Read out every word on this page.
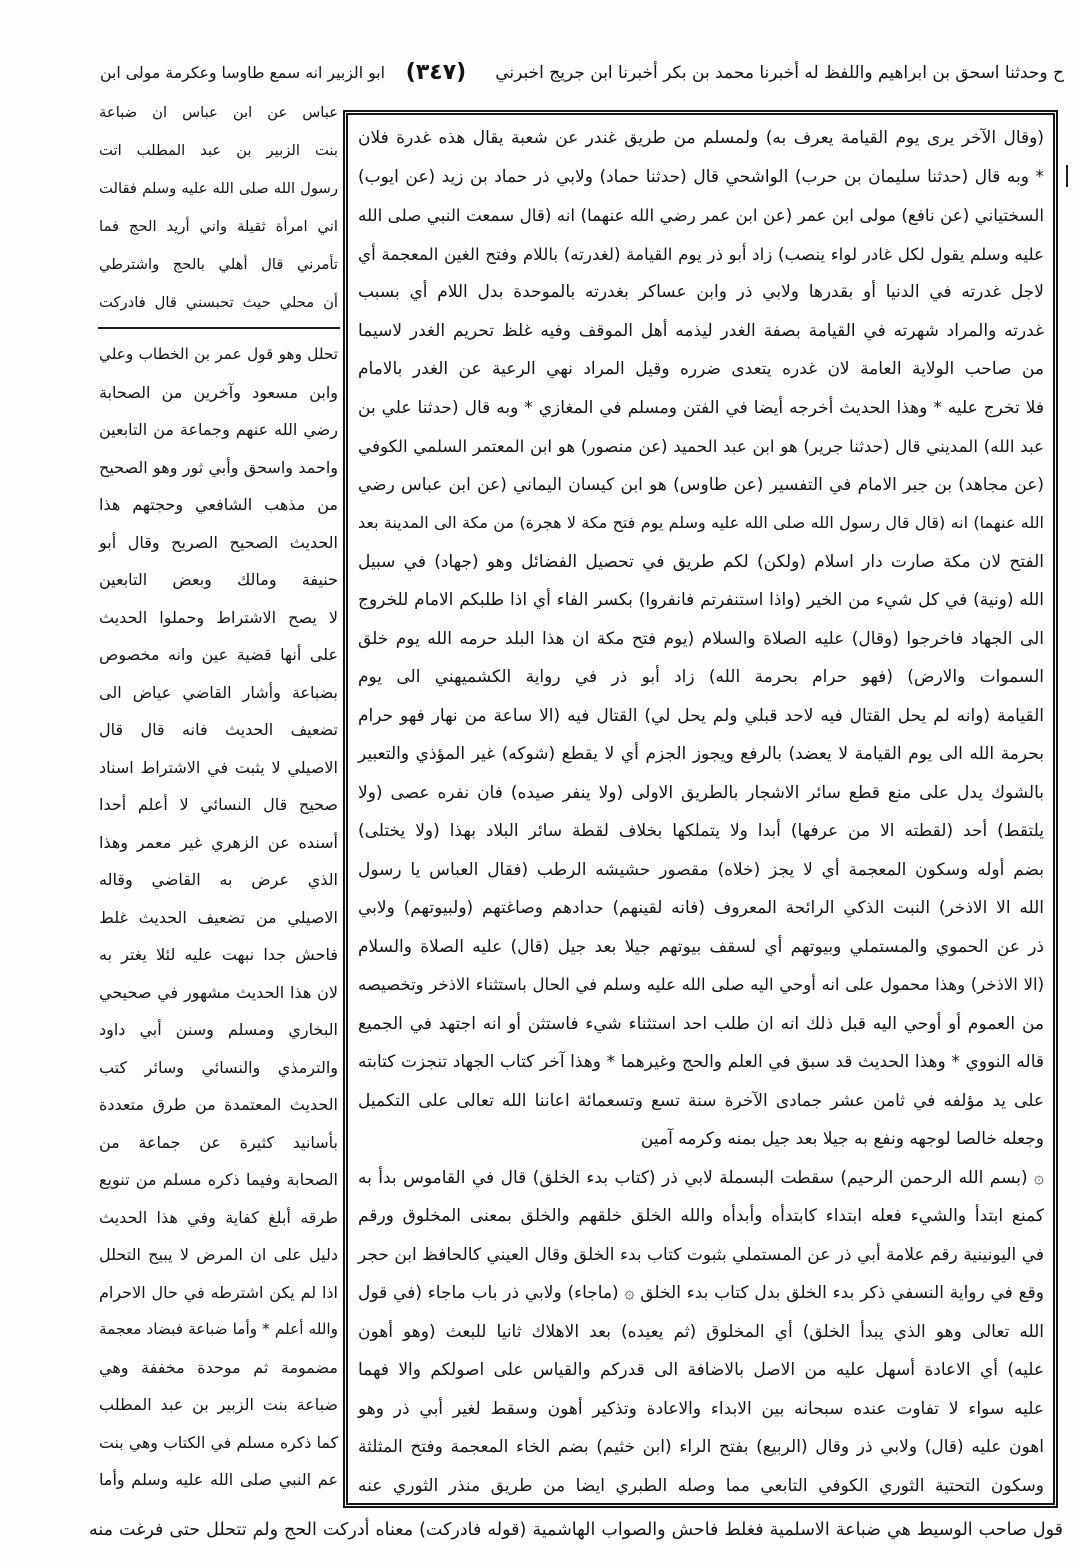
ح وحدثنا اسحق بن ابراهيم واللفظ له أخبرنا محمد بن بكر أخبرنا ابن جريج اخبرني
(٣٤٧)
ابو الزبير انه سمع طاوسا وعكرمة مولى ابن
(وقال الآخر يرى يوم القيامة يعرف به) ولمسلم من طريق غندر عن شعبة يقال هذه غدرة فلان
* وبه قال (حدثنا سليمان بن حرب) الواشحي قال (حدثنا حماد) ولابي ذر حماد بن زيد (عن ايوب)
السختياني (عن نافع) مولى ابن عمر (عن ابن عمر رضي الله عنهما) انه (قال سمعت النبي صلى الله
عليه وسلم يقول لكل غادر لواء ينصب) زاد أبو ذر يوم القيامة (لغدرته) باللام وفتح الغين المعجمة أي
لاجل غدرته في الدنيا أو بقدرها ولابي ذر وابن عساكر بغدرته بالموحدة بدل اللام أي بسبب
غدرته والمراد شهرته في القيامة بصفة الغدر ليذمه أهل الموقف وفيه غلظ تحريم الغدر لاسيما
من صاحب الولاية العامة لان غدره يتعدى ضرره وقيل المراد نهي الرعية عن الغدر بالامام
فلا تخرج عليه * وهذا الحديث أخرجه أيضا في الفتن ومسلم في المغازي * وبه قال (حدثنا علي بن
عبد الله) المديني قال (حدثنا جرير) هو ابن عبد الحميد (عن منصور) هو ابن المعتمر السلمي الكوفي
(عن مجاهد) بن جبر الامام في التفسير (عن طاوس) هو ابن كيسان اليماني (عن ابن عباس رضي
الله عنهما) انه (قال قال رسول الله صلى الله عليه وسلم يوم فتح مكة لا هجرة) من مكة الى المدينة بعد
الفتح لان مكة صارت دار اسلام (ولكن) لكم طريق في تحصيل الفضائل وهو (جهاد) في سبيل
الله (ونية) في كل شيء من الخير (واذا استنفرتم فانفروا) بكسر الفاء أي اذا طلبكم الامام للخروج
الى الجهاد فاخرجوا (وقال) عليه الصلاة والسلام (يوم فتح مكة ان هذا البلد حرمه الله يوم خلق
السموات والارض) (فهو حرام بحرمة الله) زاد أبو ذر في رواية الكشميهني الى يوم
القيامة (وانه لم يحل القتال فيه لاحد قبلي ولم يحل لي) القتال فيه (الا ساعة من نهار فهو حرام
بحرمة الله الى يوم القيامة لا يعضد) بالرفع ويجوز الجزم أي لا يقطع (شوكه) غير المؤذي والتعبير
بالشوك يدل على منع قطع سائر الاشجار بالطريق الاولى (ولا ينفر صيده) فان نفره عصى (ولا
يلتقط) أحد (لقطته الا من عرفها) أبدا ولا يتملكها بخلاف لقطة سائر البلاد بهذا (ولا يختلى)
بضم أوله وسكون المعجمة أي لا يجز (خلاه) مقصور حشيشه الرطب (فقال العباس يا رسول
الله الا الاذخر) النبت الذكي الرائحة المعروف (فانه لقينهم) حدادهم وصاغتهم (ولبيوتهم) ولابي
ذر عن الحموي والمستملي وبيوتهم أي لسقف بيوتهم جيلا بعد جيل (قال) عليه الصلاة والسلام
(الا الاذخر) وهذا محمول على انه أوحي اليه صلى الله عليه وسلم في الحال باستثناء الاذخر وتخصيصه
من العموم أو أوحي اليه قبل ذلك انه ان طلب احد استثناء شيء فاستثن أو انه اجتهد في الجميع
قاله النووي * وهذا الحديث قد سبق في العلم والحج وغيرهما * وهذا آخر كتاب الجهاد تنجزت كتابته
على يد مؤلفه في ثامن عشر جمادى الآخرة سنة تسع وتسعمائة اعاننا الله تعالى على التكميل
وجعله خالصا لوجهه ونفع به جيلا بعد جيل بمنه وكرمه آمين
۞ (بسم الله الرحمن الرحيم) سقطت البسملة لابي ذر (كتاب بدء الخلق) قال في القاموس بدأ به
كمنع ابتدأ والشيء فعله ابتداء كابتدأه وأبدأه والله الخلق خلقهم والخلق بمعنى المخلوق ورقم
في اليونينية رقم علامة أبي ذر عن المستملي بثبوت كتاب بدء الخلق وقال العيني كالحافظ ابن حجر
وقع في رواية النسفي ذكر بدء الخلق بدل كتاب بدء الخلق ۞ (ماجاء) ولابي ذر باب ماجاء (في قول
الله تعالى وهو الذي يبدأ الخلق) أي المخلوق (ثم يعيده) بعد الاهلاك ثانيا للبعث (وهو أهون
عليه) أي الاعادة أسهل عليه من الاصل بالاضافة الى قدركم والقياس على اصولكم والا فهما
عليه سواء لا تفاوت عنده سبحانه بين الابداء والاعادة وتذكير أهون وسقط لغير أبي ذر وهو
اهون عليه (قال) ولابي ذر وقال (الربيع) بفتح الراء (ابن خثيم) بضم الخاء المعجمة وفتح المثلثة
وسكون التحتية الثوري الكوفي التابعي مما وصله الطبري ايضا من طريق منذر الثوري عنه
عباس عن ابن عباس ان ضباعة
بنت الزبير بن عبد المطلب اتت
رسول الله صلى الله عليه وسلم فقالت
اني امرأة ثقيلة واني أريد الحج فما
تأمرني قال أهلي بالحج واشترطي
أن محلي حيث تحبسني قال فادركت
تحلل وهو قول عمر بن الخطاب وعلي
وابن مسعود وآخرين من الصحابة
رضي الله عنهم وجماعة من التابعين
واحمد واسحق وأبي ثور وهو الصحيح
من مذهب الشافعي وحجتهم هذا
الحديث الصحيح الصريح وقال أبو
حنيفة ومالك وبعض التابعين
لا يصح الاشتراط وحملوا الحديث
على أنها قضية عين وانه مخصوص
بضباعة وأشار القاضي عياض الى
تضعيف الحديث فانه قال قال
الاصيلي لا يثبت في الاشتراط اسناد
صحيح قال النسائي لا أعلم أحدا
أسنده عن الزهري غير معمر وهذا
الذي عرض به القاضي وقاله
الاصيلي من تضعيف الحديث غلط
فاحش جدا نبهت عليه لئلا يغتر به
لان هذا الحديث مشهور في صحيحي
البخاري ومسلم وسنن أبي داود
والترمذي والنسائي وسائر كتب
الحديث المعتمدة من طرق متعددة
بأسانيد كثيرة عن جماعة من
الصحابة وفيما ذكره مسلم من تنويع
طرقه أبلغ كفاية وفي هذا الحديث
دليل على ان المرض لا يبيح التحلل
اذا لم يكن اشترطه في حال الاحرام
والله أعلم * وأما ضباعة فبضاد معجمة
مضمومة ثم موحدة مخففة وهي
ضباعة بنت الزبير بن عبد المطلب
كما ذكره مسلم في الكتاب وهي بنت
عم النبي صلى الله عليه وسلم وأما
قول صاحب الوسيط هي ضباعة الاسلمية فغلط فاحش والصواب الهاشمية (قوله فادركت) معناه أدركت الحج ولم تتحلل حتى فرغت منه
